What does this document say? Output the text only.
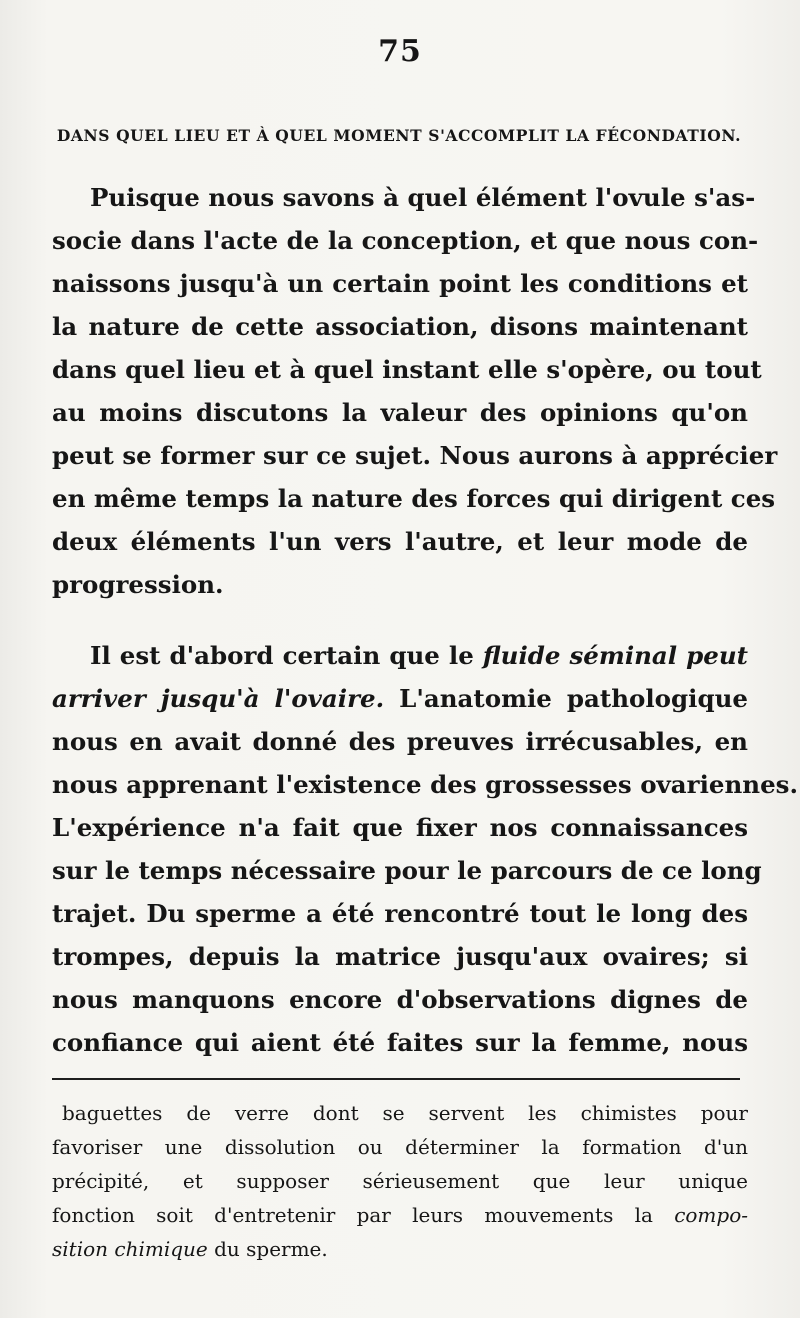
75
DANS QUEL LIEU ET À QUEL MOMENT S'ACCOMPLIT LA FÉCONDATION.
Puisque nous savons à quel élément l'ovule s'as-
socie dans l'acte de la conception, et que nous con-
naissons jusqu'à un certain point les conditions et
la nature de cette association, disons maintenant
dans quel lieu et à quel instant elle s'opère, ou tout
au moins discutons la valeur des opinions qu'on
peut se former sur ce sujet. Nous aurons à apprécier
en même temps la nature des forces qui dirigent ces
deux éléments l'un vers l'autre, et leur mode de
progression.
Il est d'abord certain que le fluide séminal peut
arriver jusqu'à l'ovaire. L'anatomie pathologique
nous en avait donné des preuves irrécusables, en
nous apprenant l'existence des grossesses ovariennes.
L'expérience n'a fait que fixer nos connaissances
sur le temps nécessaire pour le parcours de ce long
trajet. Du sperme a été rencontré tout le long des
trompes, depuis la matrice jusqu'aux ovaires; si
nous manquons encore d'observations dignes de
confiance qui aient été faites sur la femme, nous
baguettes de verre dont se servent les chimistes pour
favoriser une dissolution ou déterminer la formation d'un
précipité, et supposer sérieusement que leur unique
fonction soit d'entretenir par leurs mouvements la compo-
sition chimique du sperme.
